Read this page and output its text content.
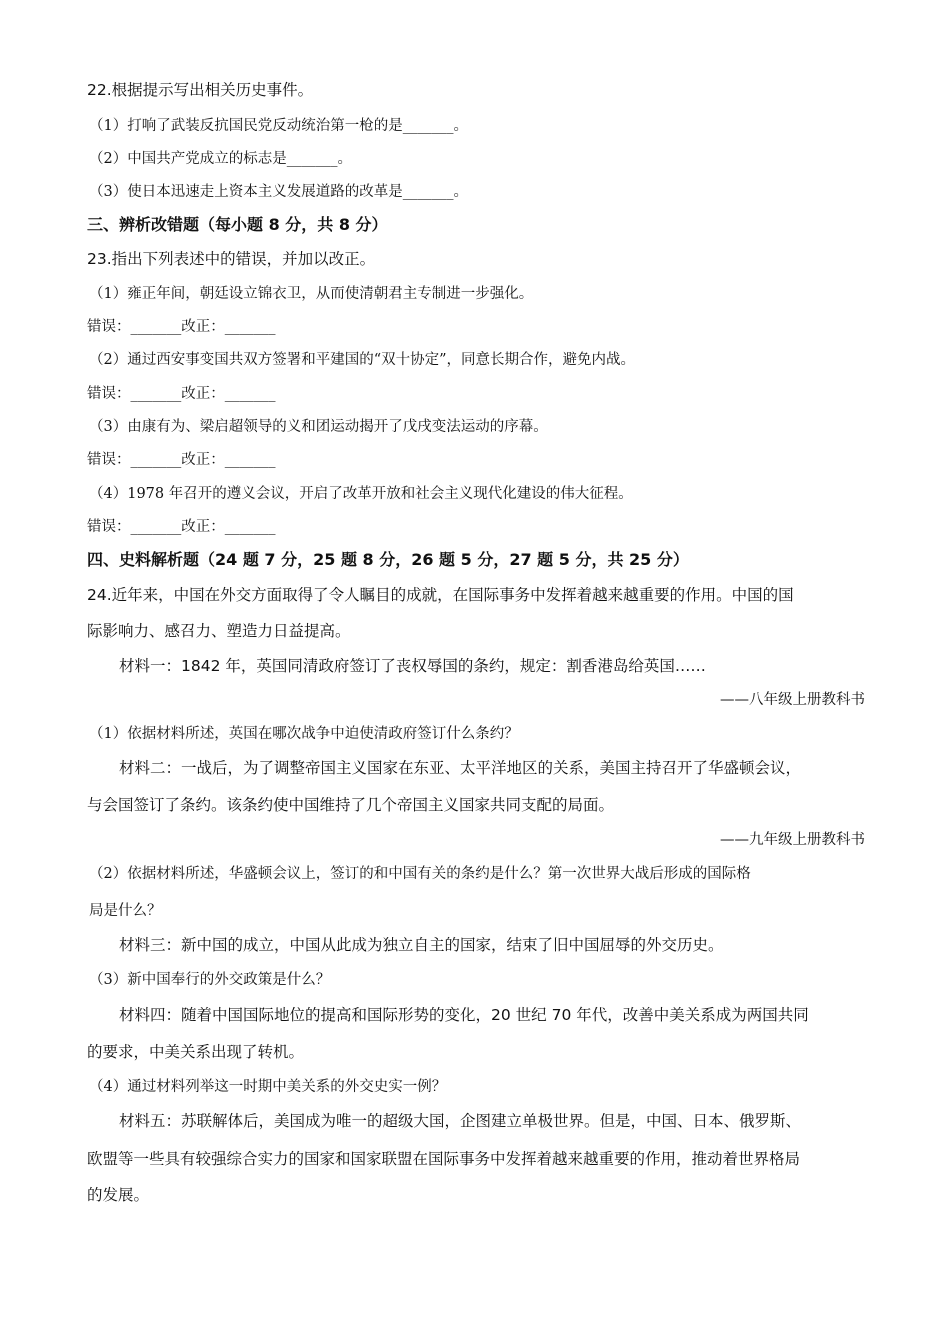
22.根据提示写出相关历史事件。
（1）打响了武装反抗国民党反动统治第一枪的是_______。
（2）中国共产党成立的标志是_______。
（3）使日本迅速走上资本主义发展道路的改革是_______。
三、辨析改错题（每小题 8 分，共 8 分）
23.指出下列表述中的错误，并加以改正。
（1）雍正年间，朝廷设立锦衣卫，从而使清朝君主专制进一步强化。
错误：_______改正：_______
（2）通过西安事变国共双方签署和平建国的“双十协定”，同意长期合作，避免内战。
错误：_______改正：_______
（3）由康有为、梁启超领导的义和团运动揭开了戊戌变法运动的序幕。
错误：_______改正：_______
（4）1978 年召开的遵义会议，开启了改革开放和社会主义现代化建设的伟大征程。
错误：_______改正：_______
四、史料解析题（24 题 7 分，25 题 8 分，26 题 5 分，27 题 5 分，共 25 分）
24.近年来，中国在外交方面取得了令人瞩目的成就，在国际事务中发挥着越来越重要的作用。中国的国
际影响力、感召力、塑造力日益提高。
材料一：1842 年，英国同清政府签订了丧权辱国的条约，规定：割香港岛给英国……
——八年级上册教科书
（1）依据材料所述，英国在哪次战争中迫使清政府签订什么条约？
材料二：一战后，为了调整帝国主义国家在东亚、太平洋地区的关系，美国主持召开了华盛顿会议，
与会国签订了条约。该条约使中国维持了几个帝国主义国家共同支配的局面。
——九年级上册教科书
（2）依据材料所述，华盛顿会议上，签订的和中国有关的条约是什么？第一次世界大战后形成的国际格
局是什么？
材料三：新中国的成立，中国从此成为独立自主的国家，结束了旧中国屈辱的外交历史。
（3）新中国奉行的外交政策是什么？
材料四：随着中国国际地位的提高和国际形势的变化，20 世纪 70 年代，改善中美关系成为两国共同
的要求，中美关系出现了转机。
（4）通过材料列举这一时期中美关系的外交史实一例？
材料五：苏联解体后，美国成为唯一的超级大国，企图建立单极世界。但是，中国、日本、俄罗斯、
欧盟等一些具有较强综合实力的国家和国家联盟在国际事务中发挥着越来越重要的作用，推动着世界格局
的发展。
